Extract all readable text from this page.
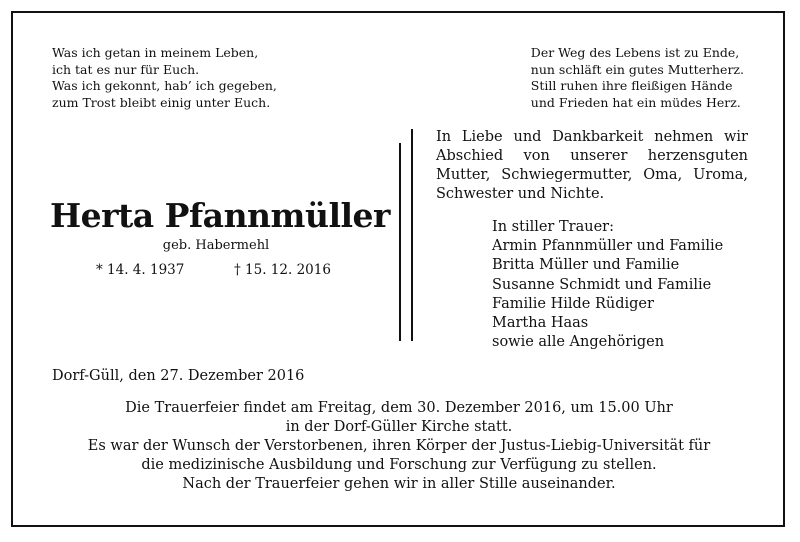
Was ich getan in meinem Leben,
ich tat es nur für Euch.
Was ich gekonnt, hab’ ich gegeben,
zum Trost bleibt einig unter Euch.
Der Weg des Lebens ist zu Ende,
nun schläft ein gutes Mutterherz.
Still ruhen ihre fleißigen Hände
und Frieden hat ein müdes Herz.
Herta Pfannmüller
geb. Habermehl
* 14. 4. 1937	† 15. 12. 2016
In Liebe und Dankbarkeit nehmen wir Abschied von unserer herzensguten Mutter, Schwiegermutter, Oma, Uroma, Schwester und Nichte.
In stiller Trauer:
Armin Pfannmüller und Familie
Britta Müller und Familie
Susanne Schmidt und Familie
Familie Hilde Rüdiger
Martha Haas
sowie alle Angehörigen
Dorf-Güll, den 27. Dezember 2016
Die Trauerfeier findet am Freitag, dem 30. Dezember 2016, um 15.00 Uhr
in der Dorf-Güller Kirche statt.
Es war der Wunsch der Verstorbenen, ihren Körper der Justus-Liebig-Universität für
die medizinische Ausbildung und Forschung zur Verfügung zu stellen.
Nach der Trauerfeier gehen wir in aller Stille auseinander.
